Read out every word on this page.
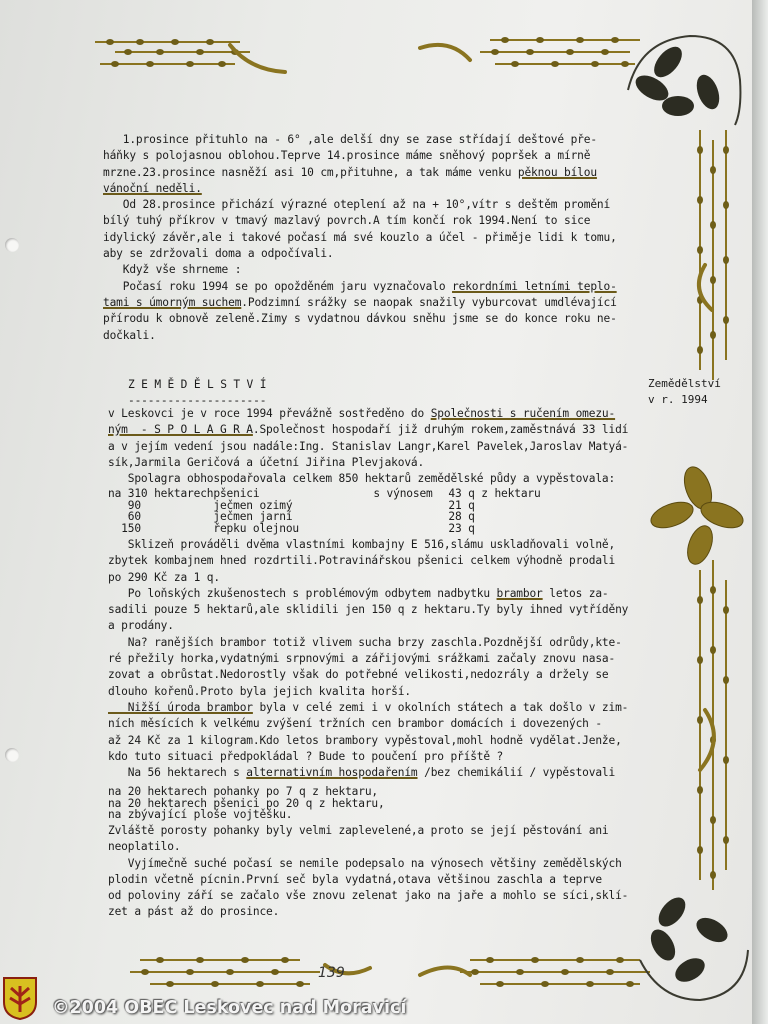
1.prosince přituhlo na - 6° ,ale delší dny se zase střídají deštové pře-
háňky s polojasnou oblohou.Teprve 14.prosince máme sněhový popršek a mírně
mrzne.23.prosince nasněží asi 10 cm,přituhne, a tak máme venku pěknou bílou
vánoční neděli.
Od 28.prosince přichází výrazné oteplení až na + 10°,vítr s deštěm promění
bílý tuhý příkrov v tmavý mazlavý povrch.A tím končí rok 1994.Není to sice
idylický závěr,ale i takové počasí má své kouzlo a účel - přiměje lidi k tomu,
aby se zdržovali doma a odpočívali.
Když vše shrneme :
Počasí roku 1994 se po opožděném jaru vyznačovalo rekordními letními teplo-
tami s úmorným suchem.Podzimní srážky se naopak snažily vyburcovat umdlévající
přírodu k obnově zeleně.Zimy s vydatnou dávkou sněhu jsme se do konce roku ne-
dočkali.
Z E M Ě D Ě L S T V Í
---------------------
Zemědělství
v r. 1994
v Leskovci je v roce 1994 převážně sostředěno do Společnosti s ručením omezu-
ným  - S P O L A G R A.Společnost hospodaří již druhým rokem,zaměstnává 33 lidí
a v jejím vedení jsou nadále:Ing. Stanislav Langr,Karel Pavelek,Jaroslav Matyá-
sík,Jarmila Geričová a účetní Jiřina Plevjaková.
Spolagra obhospodařovala celkem 850 hektarů zemědělské půdy a vypěstovala:
na 310 hektarech	pšenici	s výnosem	43 q z hektaru
90	ječmen ozimý		21 q
60	ječmen jarní		28 q
150	řepku olejnou		23 q
Sklizeň prováděli dvěma vlastními kombajny E 516,slámu uskladňovali volně,
zbytek kombajnem hned rozdrtili.Potravinářskou pšenici celkem výhodně prodali
po 290 Kč za 1 q.
Po loňských zkušenostech s problémovým odbytem nadbytku brambor letos za-
sadili pouze 5 hektarů,ale sklidili jen 150 q z hektaru.Ty byly ihned vytříděny
a prodány.
Na? ranějších brambor totiž vlivem sucha brzy zaschla.Pozdnější odrůdy,kte-
ré přežily horka,vydatnými srpnovými a zářijovými srážkami začaly znovu nasa-
zovat a obrůstat.Nedorostly však do potřebné velikosti,nedozrály a držely se
dlouho kořenů.Proto byla jejich kvalita horší.
Nižší úroda brambor byla v celé zemi i v okolních státech a tak došlo v zim-
ních měsících k velkému zvýšení tržních cen brambor domácích i dovezených -
až 24 Kč za 1 kilogram.Kdo letos brambory vypěstoval,mohl hodně vydělat.Jenže,
kdo tuto situaci předpokládal ? Bude to poučení pro příště ?
Na 56 hektarech s alternativním hospodařením /bez chemikálií / vypěstovali
na 20 hektarech pohanky po 7 q z hektaru,
na 20 hektarech pšenici po 20 q z hektaru,
na zbývající ploše vojtěšku.
Zvláště porosty pohanky byly velmi zaplevelené,a proto se její pěstování ani
neoplatilo.
Vyjímečně suché počasí se nemile podepsalo na výnosech většiny zemědělských
plodin včetně pícnin.První seč byla vydatná,otava většinou zaschla a teprve
od poloviny září se začalo vše znovu zelenat jako na jaře a mohlo se síci,sklí-
zet a pást až do prosince.
139
©2004 OBEC Leskovec nad Moravicí
